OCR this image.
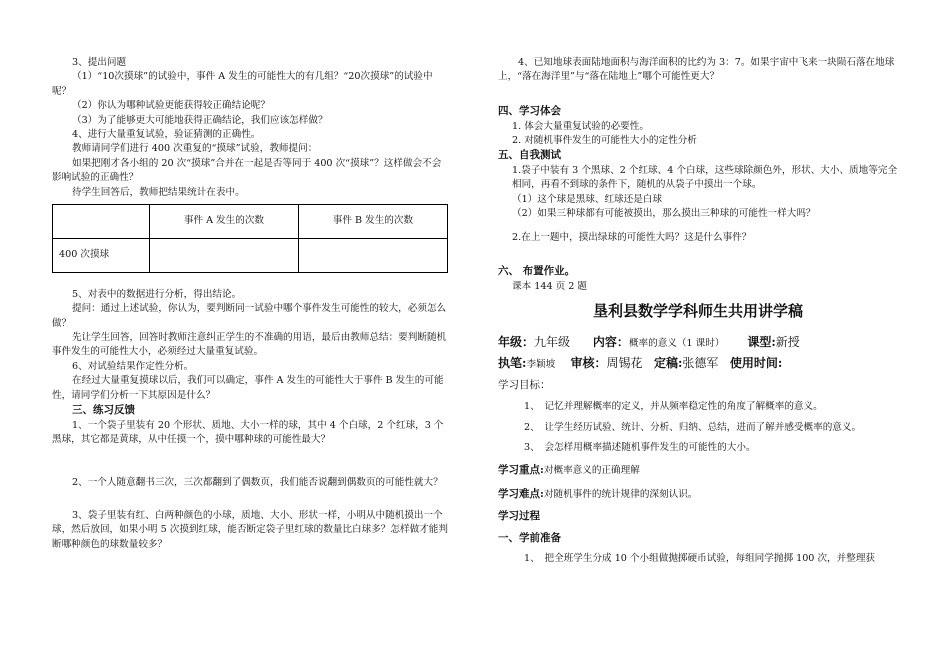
3、提出问题

（1）“10次摸球”的试验中，事件 A 发生的可能性大的有几组？“20次摸球”的试验中呢？

（2）你认为哪种试验更能获得较正确结论呢？

（3）为了能够更大可能地获得正确结论，我们应该怎样做？

4、进行大量重复试验，验证猜测的正确性。

教师请同学们进行 400 次重复的“摸球”试验，教师提问：

如果把刚才各小组的 20 次“摸球”合并在一起是否等同于 400 次“摸球”？这样做会不会影响试验的正确性？

待学生回答后，教师把结果统计在表中。

	事件 A 发生的次数	事件 B 发生的次数
400 次摸球		

5、对表中的数据进行分析，得出结论。

提问：通过上述试验，你认为，要判断同一试验中哪个事件发生可能性的较大，必须怎么做？

先让学生回答，回答时教师注意纠正学生的不准确的用语，最后由教师总结：要判断随机事件发生的可能性大小，必须经过大量重复试验。

6、对试验结果作定性分析。

在经过大量重复摸球以后，我们可以确定，事件 A 发生的可能性大于事件 B 发生的可能性，请同学们分析一下其原因是什么？

三、练习反馈

1、一个袋子里装有 20 个形状、质地、大小一样的球，其中 4 个白球，2 个红球，3 个黑球，其它都是黄球，从中任摸一个，摸中哪种球的可能性最大？

2、一个人随意翻书三次，三次都翻到了偶数页，我们能否说翻到偶数页的可能性就大？

3、袋子里装有红、白两种颜色的小球，质地、大小、形状一样，小明从中随机摸出一个球，然后放回，如果小明 5 次摸到红球，能否断定袋子里红球的数量比白球多？怎样做才能判断哪种颜色的球数量较多？

4、已知地球表面陆地面积与海洋面积的比约为 3：7。如果宇宙中飞来一块陨石落在地球上，“落在海洋里”与“落在陆地上”哪个可能性更大？

四、学习体会

1. 体会大量重复试验的必要性。

2. 对随机事件发生的可能性大小的定性分析

五、自我测试

1.袋子中装有 3 个黑球、2 个红球、4 个白球，这些球除颜色外，形状、大小、质地等完全相同，再看不到球的条件下，随机的从袋子中摸出一个球。

（1）这个球是黑球、红球还是白球

（2）如果三种球都有可能被摸出，那么摸出三种球的可能性一样大吗？

2.在上一题中，摸出绿球的可能性大吗？这是什么事件？

六、 布置作业。

课本 144 页 2 题

垦利县数学学科师生共用讲学稿

年级：九年级 内容：概率的意义（1 课时） 课型:新授

执笔:李颖坡 审核：周锡花 定稿:张德军 使用时间:

学习目标：

1、　记忆并理解概率的定义，并从频率稳定性的角度了解概率的意义。

2、　让学生经历试验、统计、分析、归纳、总结，进而了解并感受概率的意义。

3、　会怎样用概率描述随机事件发生的可能性的大小。

学习重点:对概率意义的正确理解

学习难点:对随机事件的统计规律的深刻认识。

学习过程

一、学前准备

1、　把全班学生分成 10 个小组做抛掷硬币试验，每组同学抛掷 100 次，并整理获
